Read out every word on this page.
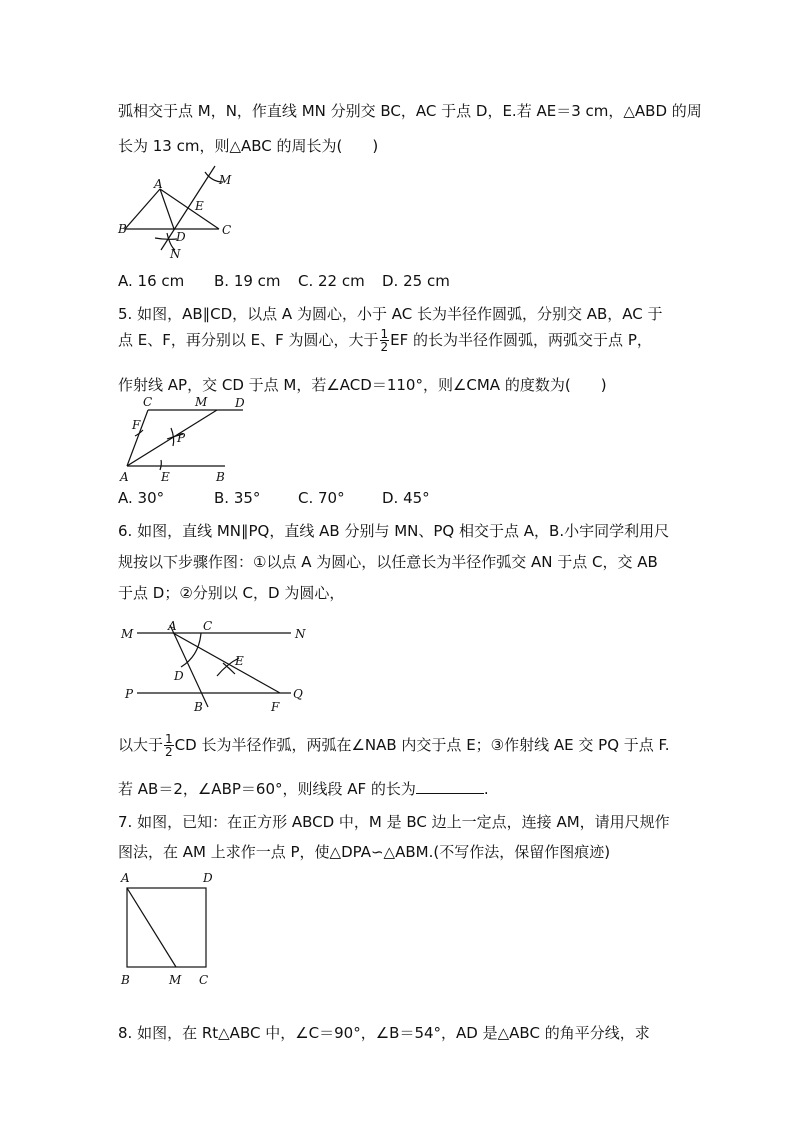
弧相交于点 M，N，作直线 MN 分别交 BC，AC 于点 D，E.若 AE＝3 cm，△ABD 的周
长为 13 cm，则△ABC 的周长为(　　)
A
B	C
D
E
M
N
A. 16 cm B. 19 cm C. 22 cm D. 25 cm
5. 如图，AB∥CD，以点 A 为圆心，小于 AC 长为半径作圆弧，分别交 AB，AC 于
点 E、F，再分别以 E、F 为圆心，大于 $\frac{1}{2}$ EF 的长为半径作圆弧，两弧交于点 P，
作射线 AP，交 CD 于点 M，若∠ACD＝110°，则∠CMA 的度数为(　　)
C	M D
F
P
A	E	B
A. 30°	B. 35°	C. 70° D. 45°
6. 如图，直线 MN∥PQ，直线 AB 分别与 MN、PQ 相交于点 A，B.小宇同学利用尺
规按以下步骤作图：①以点 A 为圆心，以任意长为半径作弧交 AN 于点 C，交 AB
于点 D；②分别以 C，D 为圆心，
M
A C
N
E
D
P	Q
B	F
以大于 $\frac{1}{2}$ CD 长为半径作弧，两弧在∠NAB 内交于点 E；③作射线 AE 交 PQ 于点 F.
若 AB＝2，∠ABP＝60°，则线段 AF 的长为	.
7. 如图，已知：在正方形 ABCD 中，M 是 BC 边上一定点，连接 AM，请用尺规作
图法，在 AM 上求作一点 P，使△DPA∽△ABM.(不写作法，保留作图痕迹)
A	D
B	M C
8. 如图，在 Rt△ABC 中，∠C＝90°，∠B＝54°，AD 是△ABC 的角平分线，求
